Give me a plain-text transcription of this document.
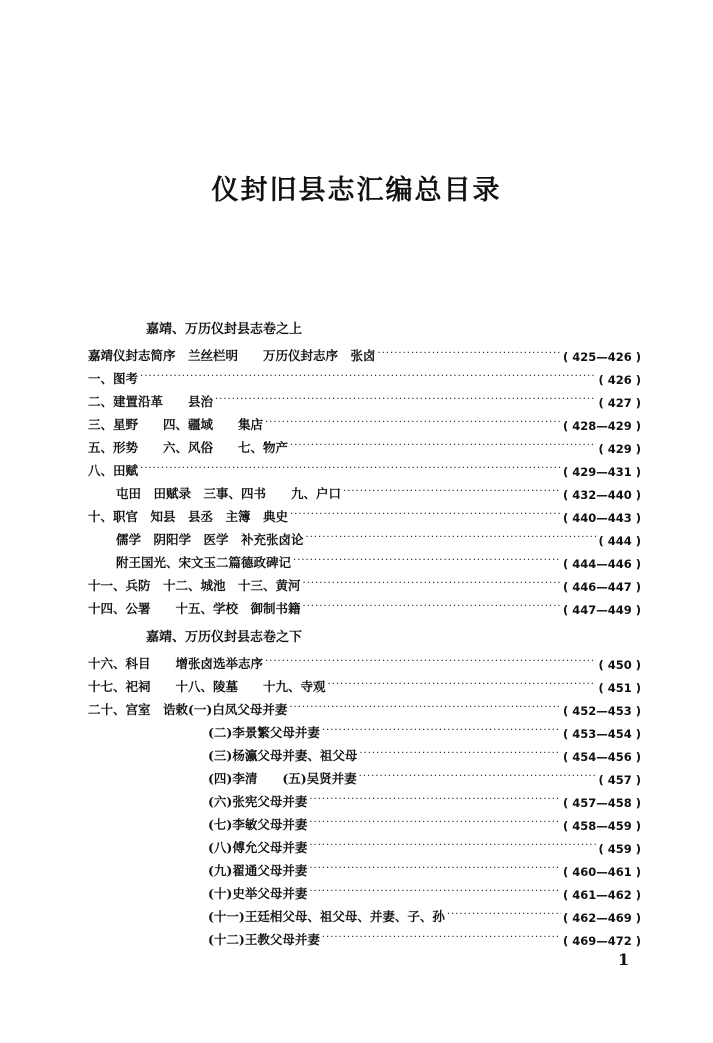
仪封旧县志汇编总目录
嘉靖、万历仪封县志卷之上
嘉靖仪封志简序　兰丝栏明　　万历仪封志序　张卤 ·····	( 425—426 )
一、图考 ·····	( 426 )
二、建置沿革　　县治 ·····	( 427 )
三、星野　　四、疆域　　集店 ·····	( 428—429 )
五、形势　　六、风俗　　七、物产 ·····	( 429 )
八、田赋 ·····	( 429—431 )
屯田　田赋录　三事、四书　　九、户口 ·····	( 432—440 )
十、职官　知县　县丞　主簿　典史 ·····	( 440—443 )
儒学　阴阳学　医学　补充张卤论 ·····	( 444 )
附王国光、宋文玉二篇德政碑记 ·····	( 444—446 )
十一、兵防　十二、城池　十三、黄河 ·····	( 446—447 )
十四、公署　　十五、学校　御制书籍 ·····	( 447—449 )
嘉靖、万历仪封县志卷之下
十六、科目　　增张卤选举志序 ·····	( 450 )
十七、祀祠　　十八、陵墓　　十九、寺观 ·····	( 451 )
二十、宫室　诰敕(一)白凤父母并妻 ·····	( 452—453 )
(二)李景繁父母并妻 ·····	( 453—454 )
(三)杨瀛父母并妻、祖父母 ·····	( 454—456 )
(四)李清　　(五)吴贤并妻 ·····	( 457 )
(六)张宪父母并妻 ·····	( 457—458 )
(七)李敏父母并妻 ·····	( 458—459 )
(八)傅允父母并妻 ·····	( 459 )
(九)翟通父母并妻 ·····	( 460—461 )
(十)史举父母并妻 ·····	( 461—462 )
(十一)王廷相父母、祖父母、并妻、子、孙 ·····	( 462—469 )
(十二)王教父母并妻 ·····	( 469—472 )
1
